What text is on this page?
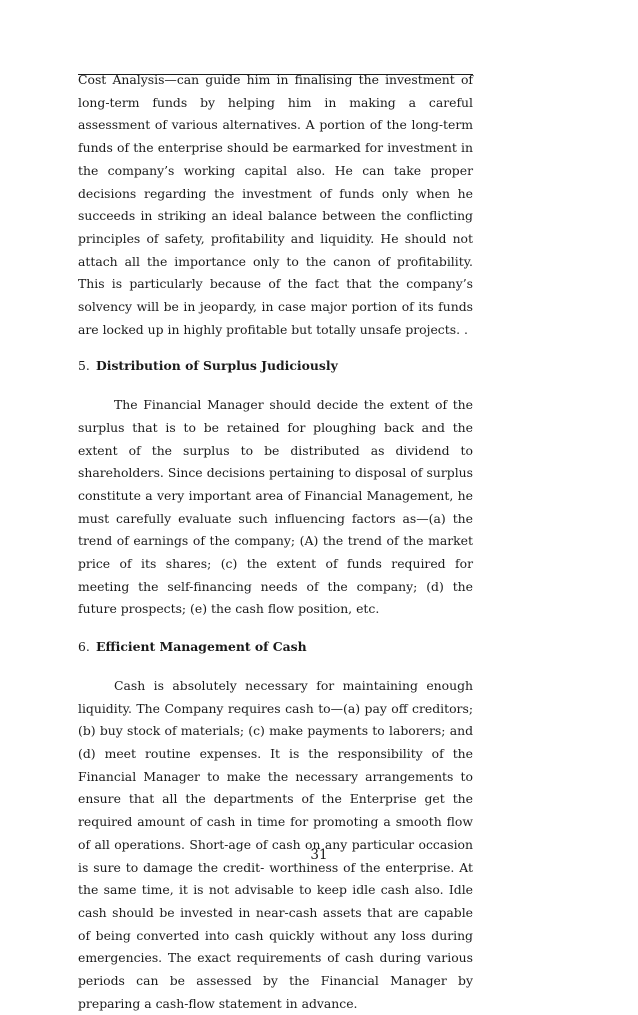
Cost Analysis—can guide him in finalising the investment of long-term funds by helping him in making a careful assessment of various alternatives. A portion of the long-term funds of the enterprise should be earmarked for investment in the company’s working capital also. He can take proper decisions regarding the investment of funds only when he succeeds in striking an ideal balance between the conflicting principles of safety, profitability and liquidity. He should not attach all the importance only to the canon of profitability. This is particularly because of the fact that the company’s solvency will be in jeopardy, in case major portion of its funds are locked up in highly profitable but totally unsafe projects. .

5. Distribution of Surplus Judiciously

The Financial Manager should decide the extent of the surplus that is to be retained for ploughing back and the extent of the surplus to be distributed as dividend to shareholders. Since decisions pertaining to disposal of surplus constitute a very important area of Financial Management, he must carefully evaluate such influencing factors as—(a) the trend of earnings of the company; (A) the trend of the market price of its shares; (c) the extent of funds required for meeting the self-financing needs of the company; (d) the future prospects; (e) the cash flow position, etc.

6. Efficient Management of Cash

Cash is absolutely necessary for maintaining enough liquidity. The Company requires cash to—(a) pay off creditors; (b) buy stock of materials; (c) make payments to laborers; and (d) meet routine expenses. It is the responsibility of the Financial Manager to make the necessary arrangements to ensure that all the departments of the Enterprise get the required amount of cash in time for promoting a smooth flow of all operations. Short-age of cash on any particular occasion is sure to damage the credit- worthiness of the enterprise. At the same time, it is not advisable to keep idle cash also. Idle cash should be invested in near-cash assets that are capable of being converted into cash quickly without any loss during emergencies. The exact requirements of cash during various periods can be assessed by the Financial Manager by preparing a cash-flow statement in advance.

31
